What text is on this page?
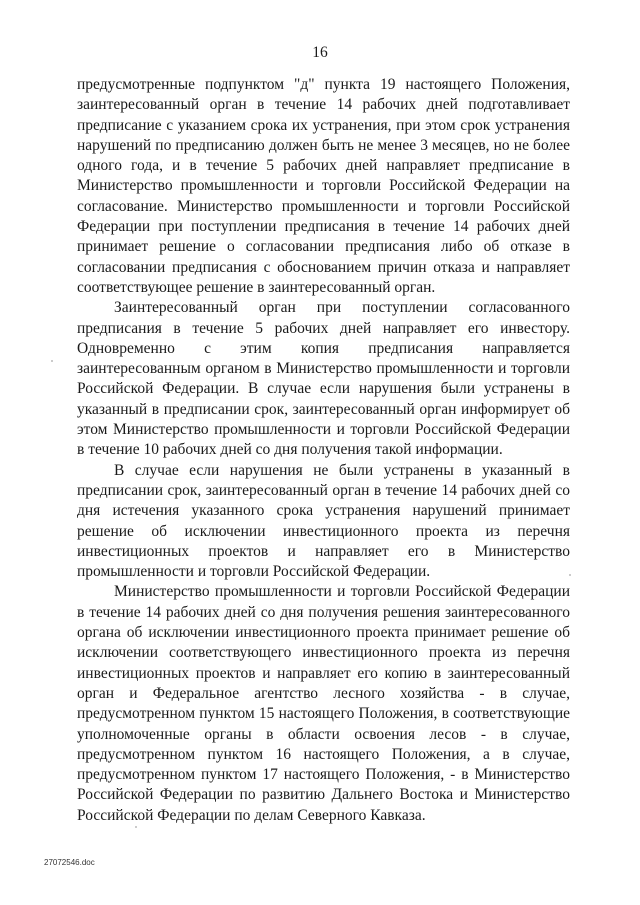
16

предусмотренные подпунктом "д" пункта 19 настоящего Положения, заинтересованный орган в течение 14 рабочих дней подготавливает предписание с указанием срока их устранения, при этом срок устранения нарушений по предписанию должен быть не менее 3 месяцев, но не более одного года, и в течение 5 рабочих дней направляет предписание в Министерство промышленности и торговли Российской Федерации на согласование. Министерство промышленности и торговли Российской Федерации при поступлении предписания в течение 14 рабочих дней принимает решение о согласовании предписания либо об отказе в согласовании предписания с обоснованием причин отказа и направляет соответствующее решение в заинтересованный орган.

Заинтересованный орган при поступлении согласованного предписания в течение 5 рабочих дней направляет его инвестору. Одновременно с этим копия предписания направляется заинтересованным органом в Министерство промышленности и торговли Российской Федерации. В случае если нарушения были устранены в указанный в предписании срок, заинтересованный орган информирует об этом Министерство промышленности и торговли Российской Федерации в течение 10 рабочих дней со дня получения такой информации.

В случае если нарушения не были устранены в указанный в предписании срок, заинтересованный орган в течение 14 рабочих дней со дня истечения указанного срока устранения нарушений принимает решение об исключении инвестиционного проекта из перечня инвестиционных проектов и направляет его в Министерство промышленности и торговли Российской Федерации.

Министерство промышленности и торговли Российской Федерации в течение 14 рабочих дней со дня получения решения заинтересованного органа об исключении инвестиционного проекта принимает решение об исключении соответствующего инвестиционного проекта из перечня инвестиционных проектов и направляет его копию в заинтересованный орган и Федеральное агентство лесного хозяйства - в случае, предусмотренном пунктом 15 настоящего Положения, в соответствующие уполномоченные органы в области освоения лесов - в случае, предусмотренном пунктом 16 настоящего Положения, а в случае, предусмотренном пунктом 17 настоящего Положения, - в Министерство Российской Федерации по развитию Дальнего Востока и Министерство Российской Федерации по делам Северного Кавказа.

27072546.doc
